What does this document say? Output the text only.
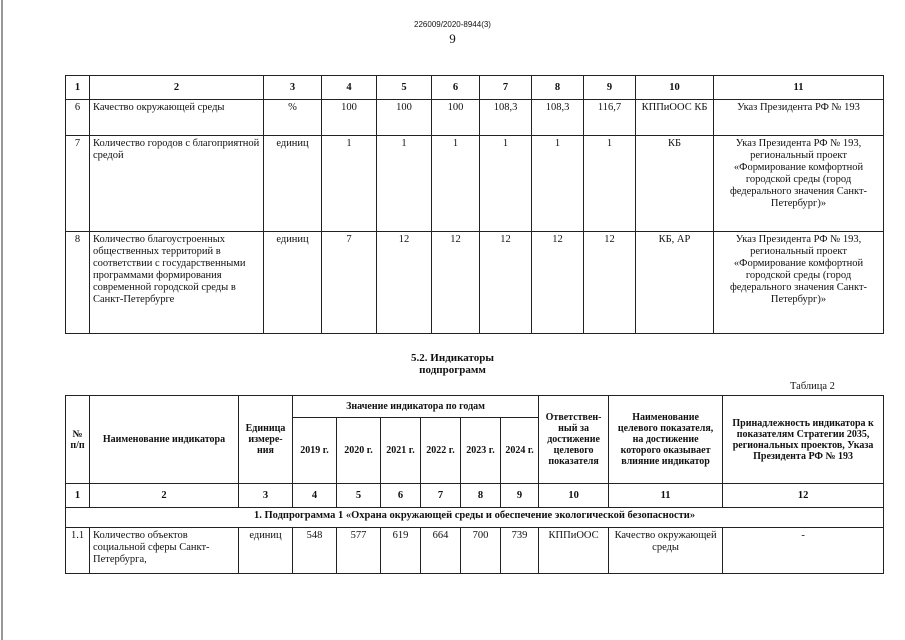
226009/2020-8944(3)
9
1	2	3	4	5	6	7	8	9	10	11
6	Качество окружающей среды	%	100	100	100	108,3	108,3	116,7	КППиООС КБ	Указ Президента РФ № 193
7	Количество городов с благоприятной средой	единиц	1	1	1	1	1	1	КБ	Указ Президента РФ № 193, региональный проект «Формирование комфортной городской среды (город федерального значения Санкт-Петербург)»
8	Количество благоустроенных общественных территорий в соответствии с государственными программами формирования современной городской среды в Санкт-Петербурге	единиц	7	12	12	12	12	12	КБ, АР	Указ Президента РФ № 193, региональный проект «Формирование комфортной городской среды (город федерального значения Санкт-Петербург)»
5.2. Индикаторы
подпрограмм
Таблица 2
№ п/п	Наименование индикатора	Единица измере-ния	Значение индикатора по годам						Ответствен-ный за достижение целевого показателя	Наименование целевого показателя, на достижение которого оказывает влияние индикатор	Принадлежность индикатора к показателям Стратегии 2035, региональных проектов, Указа Президента РФ № 193
			2019 г.	2020 г.	2021 г.	2022 г.	2023 г.	2024 г.			
1	2	3	4	5	6	7	8	9	10	11	12
1. Подпрограмма 1 «Охрана окружающей среды и обеспечение экологической безопасности»											
1.1	Количество объектов социальной сферы Санкт-Петербурга,	единиц	548	577	619	664	700	739	КППиООС	Качество окружающей среды	-
